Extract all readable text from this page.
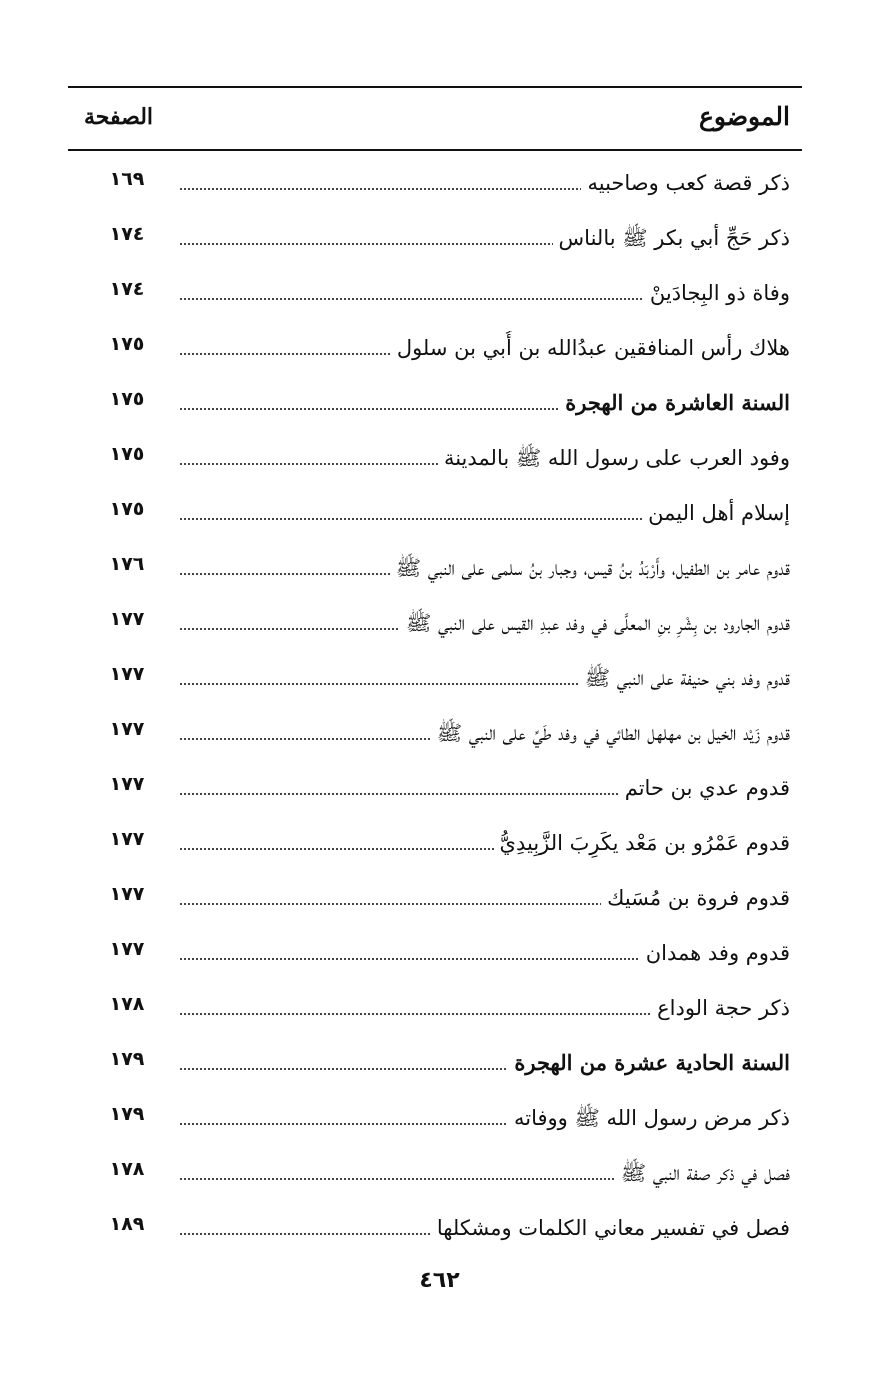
الموضوع
الصفحة
ذكر قصة كعب وصاحبيه
١٦٩
ذكر حَجِّ أبي بكر ﷺ بالناس
١٧٤
وفاة ذو البِجادَينْ
١٧٤
هلاك رأس المنافقين عبدُالله بن أُبي بن سلول
١٧٥
السنة العاشرة من الهجرة
١٧٥
وفود العرب على رسول الله ﷺ بالمدينة
١٧٥
إسلام أهل اليمن
١٧٥
قدوم عامر بن الطفيل، وأَرْبَدُ بنُ قيس، وجبار بنُ سلمى على النبي ﷺ
١٧٦
قدوم الجارود بن بِشْرِ بنِ المعلَّى في وفد عبدِ القيس على النبي ﷺ
١٧٧
قدوم وفد بني حنيفة على النبي ﷺ
١٧٧
قدوم زَيْد الخيل بن مهلهل الطائي في وفد طَيِّ على النبي ﷺ
١٧٧
قدوم عدي بن حاتم
١٧٧
قدوم عَمْرُو بن مَعْد يكَرِبَ الزَّبِيدِيُّ
١٧٧
قدوم فروة بن مُسَيك
١٧٧
قدوم وفد همدان
١٧٧
ذكر حجة الوداع
١٧٨
السنة الحادية عشرة من الهجرة
١٧٩
ذكر مرض رسول الله ﷺ ووفاته
١٧٩
فصل في ذكر صفة النبي ﷺ
١٧٨
فصل في تفسير معاني الكلمات ومشكلها
١٨٩
٤٦٢
